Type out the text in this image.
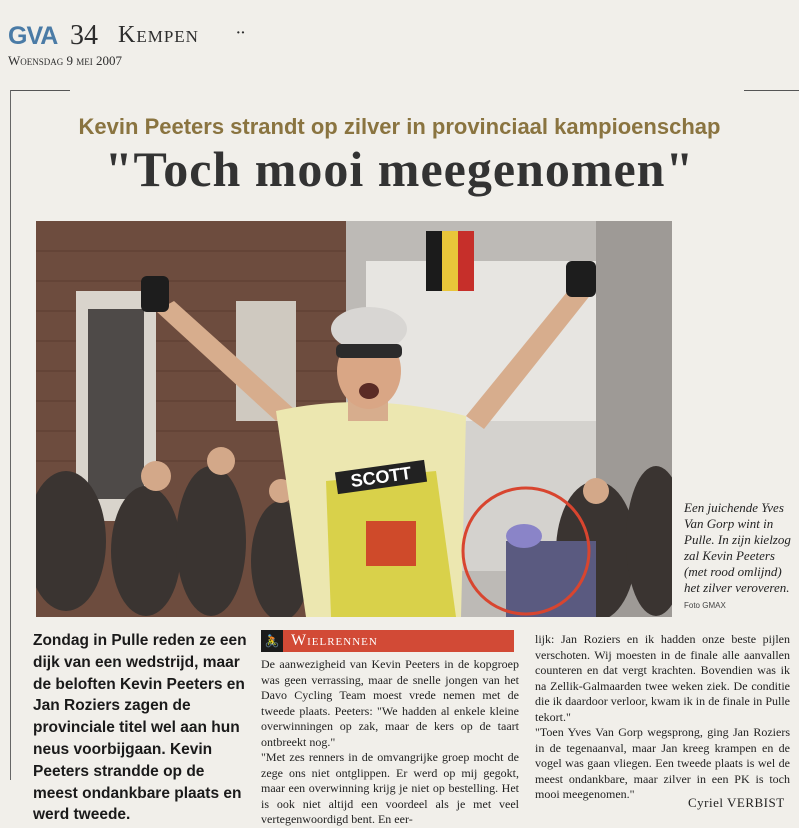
GVA 34 Kempen	··
Woensdag 9 mei 2007
Kevin Peeters strandt op zilver in provinciaal kampioenschap
"Toch mooi meegenomen"
SCOTT
Een juichende Yves Van Gorp wint in Pulle. In zijn kielzog zal Kevin Peeters (met rood omlijnd) het zilver veroveren. Foto GMAX
Zondag in Pulle reden ze een dijk van een wedstrijd, maar de beloften Kevin Peeters en Jan Roziers zagen de provinciale titel wel aan hun neus voorbijgaan. Kevin Peeters strandde op de meest ondankbare plaats en werd tweede.
🚴 Wielrennen

De aanwezigheid van Kevin Peeters in de kopgroep was geen verrassing, maar de snelle jongen van het Davo Cycling Team moest vrede nemen met de tweede plaats. Peeters: "We hadden al enkele kleine overwinningen op zak, maar de kers op de taart ontbreekt nog."

"Met zes renners in de omvangrijke groep mocht de zege ons niet ontglippen. Er werd op mij gegokt, maar een overwinning krijg je niet op bestelling. Het is ook niet altijd een voordeel als je met veel vertegenwoordigd bent. En eer-

lijk: Jan Roziers en ik hadden onze beste pijlen verschoten. Wij moesten in de finale alle aanvallen counteren en dat vergt krachten. Bovendien was ik na Zellik-Galmaarden twee weken ziek. De conditie die ik daardoor verloor, kwam ik in de finale in Pulle tekort."

"Toen Yves Van Gorp wegsprong, ging Jan Roziers in de tegenaanval, maar Jan kreeg krampen en de vogel was gaan vliegen. Een tweede plaats is wel de meest ondankbare, maar zilver in een PK is toch mooi meegenomen."

Cyriel VERBIST
